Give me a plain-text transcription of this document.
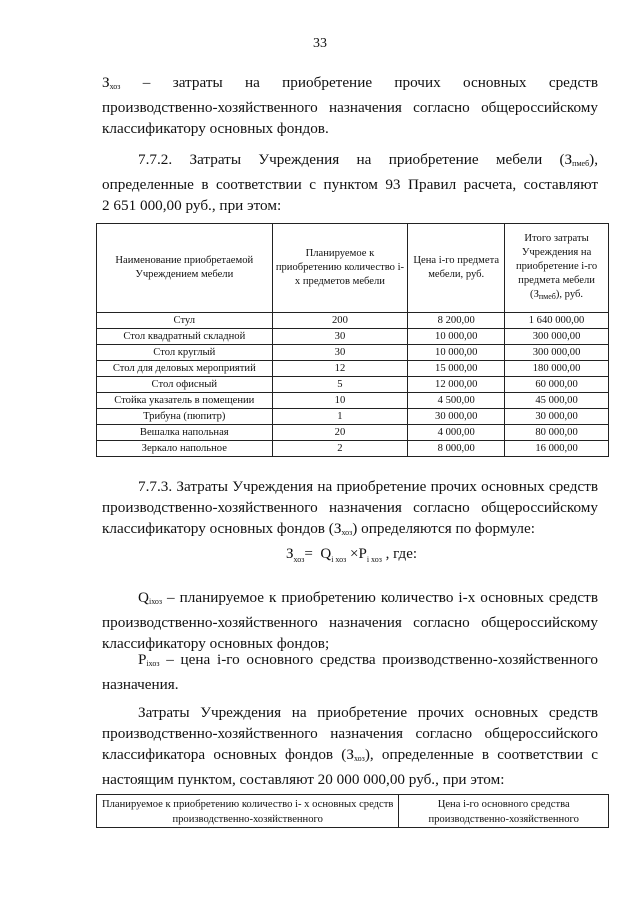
33
$З_{хоз}$ – затраты на приобретение прочих основных средств
производственно-хозяйственного назначения согласно общероссийскому
классификатору основных фондов.
7.7.2. Затраты Учреждения на приобретение мебели $(З_{пмеб})$,
определенные в соответствии с пунктом 93 Правил расчета, составляют
2 651 000,00 руб., при этом:
Наименование приобретаемой Учреждением мебели	Планируемое к приобретению количество i-х предметов мебели	Цена i-го предмета мебели, руб.	Итого затраты Учреждения на приобретение i-го предмета мебели $(З_{пмеб})$, руб.
Стул	200	8 200,00	1 640 000,00
Стол квадратный складной	30	10 000,00	300 000,00
Стол круглый	30	10 000,00	300 000,00
Стол для деловых мероприятий	12	15 000,00	180 000,00
Стол офисный	5	12 000,00	60 000,00
Стойка указатель в помещении	10	4 500,00	45 000,00
Трибуна (пюпитр)	1	30 000,00	30 000,00
Вешалка напольная	20	4 000,00	80 000,00
Зеркало напольное	2	8 000,00	16 000,00
7.7.3. Затраты Учреждения на приобретение прочих основных средств
производственно-хозяйственного назначения согласно общероссийскому
классификатору основных фондов $(З_{хоз})$ определяются по формуле:
$З_{хоз}= Q_{i хоз} \times P_{i хоз}$ , где:
$Q_{iхоз}$ – планируемое к приобретению количество i-х основных средств
производственно-хозяйственного назначения согласно общероссийскому
классификатору основных фондов;
$P_{iхоз}$ – цена i-го основного средства производственно-хозяйственного
назначения.
Затраты Учреждения на приобретение прочих основных средств
производственно-хозяйственного назначения согласно общероссийского
классификатора основных фондов $(З_{хоз})$, определенные в соответствии с
настоящим пунктом, составляют 20 000 000,00 руб., при этом:
Планируемое к приобретению количество i- х основных средств производственно-хозяйственного	Цена i-го основного средства производственно-хозяйственного
